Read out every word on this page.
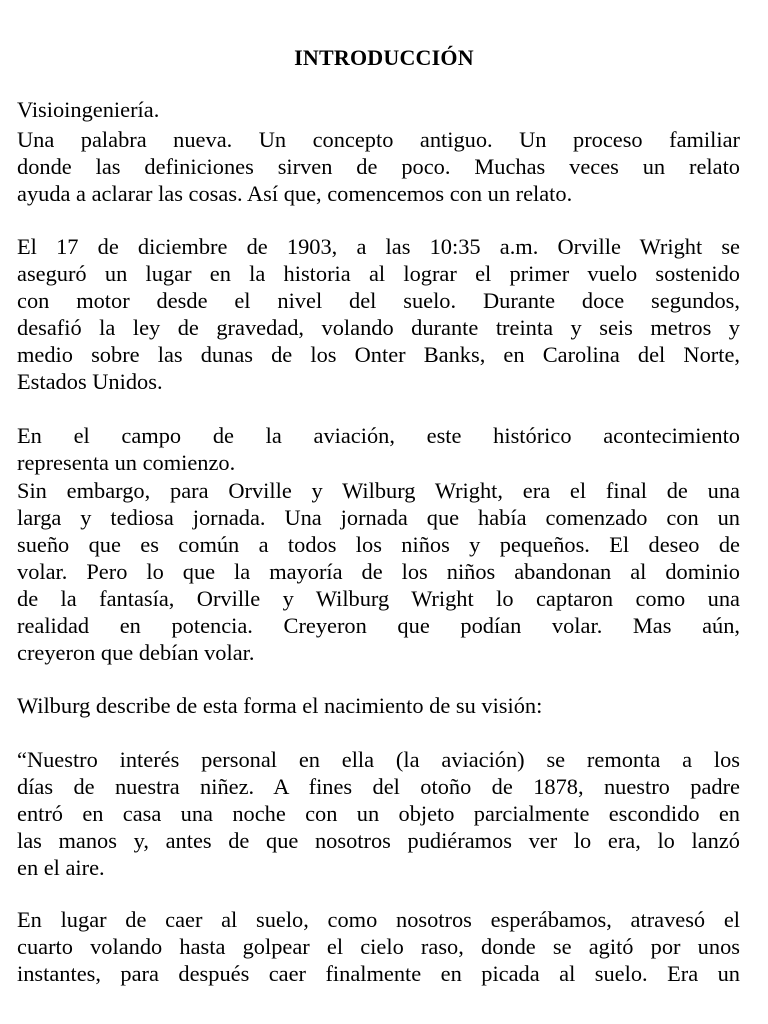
INTRODUCCIÓN
Visioingeniería.
Una palabra nueva. Un concepto antiguo. Un proceso familiar
donde las definiciones sirven de poco. Muchas veces un relato
ayuda a aclarar las cosas. Así que, comencemos con un relato.
El 17 de diciembre de 1903, a las 10:35 a.m. Orville Wright se
aseguró un lugar en la historia al lograr el primer vuelo sostenido
con motor desde el nivel del suelo. Durante doce segundos,
desafió la ley de gravedad, volando durante treinta y seis metros y
medio sobre las dunas de los Onter Banks, en Carolina del Norte,
Estados Unidos.
En el campo de la aviación, este histórico acontecimiento
representa un comienzo.
Sin embargo, para Orville y Wilburg Wright, era el final de una
larga y tediosa jornada. Una jornada que había comenzado con un
sueño que es común a todos los niños y pequeños. El deseo de
volar. Pero lo que la mayoría de los niños abandonan al dominio
de la fantasía, Orville y Wilburg Wright lo captaron como una
realidad en potencia. Creyeron que podían volar. Mas aún,
creyeron que debían volar.
Wilburg describe de esta forma el nacimiento de su visión:
“Nuestro interés personal en ella (la aviación) se remonta a los
días de nuestra niñez. A fines del otoño de 1878, nuestro padre
entró en casa una noche con un objeto parcialmente escondido en
las manos y, antes de que nosotros pudiéramos ver lo era, lo lanzó
en el aire.
En lugar de caer al suelo, como nosotros esperábamos, atravesó el
cuarto volando hasta golpear el cielo raso, donde se agitó por unos
instantes, para después caer finalmente en picada al suelo. Era un
